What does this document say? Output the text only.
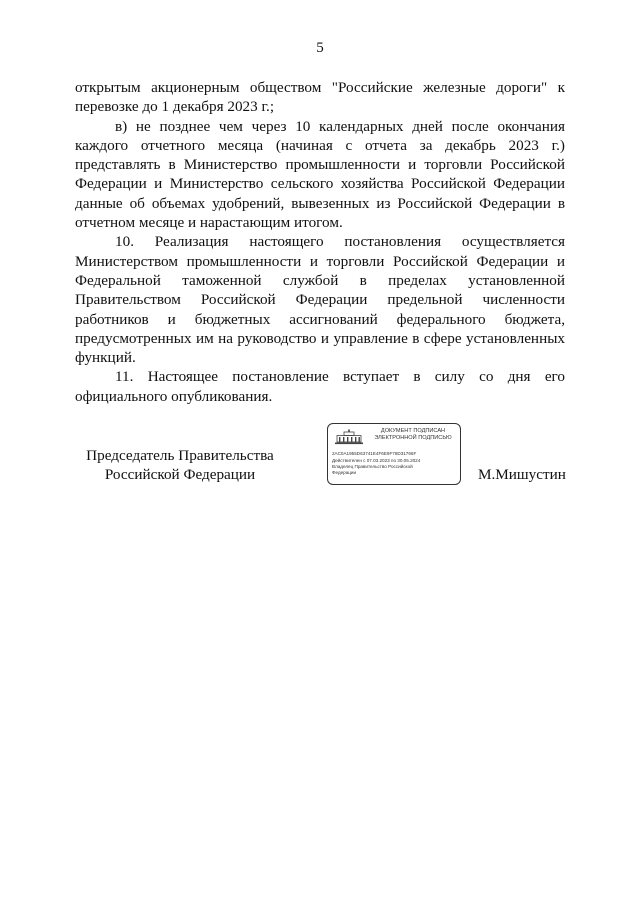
5

открытым акционерным обществом "Российские железные дороги" к перевозке до 1 декабря 2023 г.;

в) не позднее чем через 10 календарных дней после окончания каждого отчетного месяца (начиная с отчета за декабрь 2023 г.) представлять в Министерство промышленности и торговли Российской Федерации и Министерство сельского хозяйства Российской Федерации данные об объемах удобрений, вывезенных из Российской Федерации в отчетном месяце и нарастающим итогом.

10. Реализация настоящего постановления осуществляется Министерством промышленности и торговли Российской Федерации и Федеральной таможенной службой в пределах установленной Правительством Российской Федерации предельной численности работников и бюджетных ассигнований федерального бюджета, предусмотренных им на руководство и управление в сфере установленных функций.

11. Настоящее постановление вступает в силу со дня его официального опубликования.

Председатель Правительства
Российской Федерации
ДОКУМЕНТ ПОДПИСАН
ЭЛЕКТРОННОЙ ПОДПИСЬЮ
2AC0A1955D63741E4F6E9F78D31766F
Действителен с 07.03.2023 по 30.05.2024
Владелец Правительство Российской
Федерации	М.Мишустин
